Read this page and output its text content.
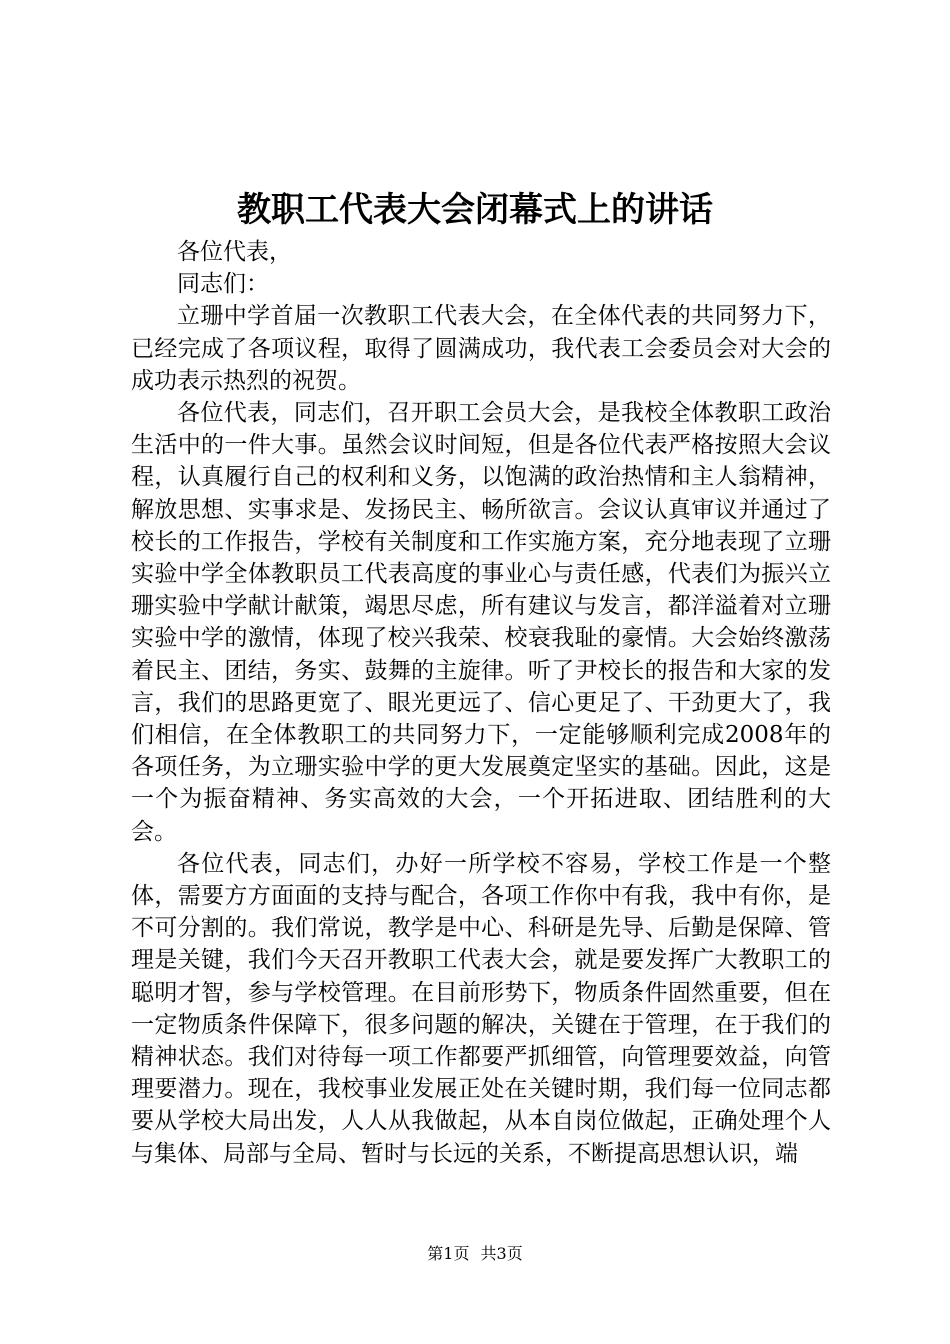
教职工代表大会闭幕式上的讲话

各位代表，

同志们：

立珊中学首届一次教职工代表大会，在全体代表的共同努力下，已经完成了各项议程，取得了圆满成功，我代表工会委员会对大会的成功表示热烈的祝贺。

各位代表，同志们，召开职工会员大会，是我校全体教职工政治生活中的一件大事。虽然会议时间短，但是各位代表严格按照大会议程，认真履行自己的权利和义务，以饱满的政治热情和主人翁精神，解放思想、实事求是、发扬民主、畅所欲言。会议认真审议并通过了校长的工作报告，学校有关制度和工作实施方案，充分地表现了立珊实验中学全体教职员工代表高度的事业心与责任感，代表们为振兴立珊实验中学献计献策，竭思尽虑，所有建议与发言，都洋溢着对立珊实验中学的激情，体现了校兴我荣、校衰我耻的豪情。大会始终激荡着民主、团结，务实、鼓舞的主旋律。听了尹校长的报告和大家的发言，我们的思路更宽了、眼光更远了、信心更足了、干劲更大了，我们相信，在全体教职工的共同努力下，一定能够顺利完成2008年的各项任务，为立珊实验中学的更大发展奠定坚实的基础。因此，这是一个为振奋精神、务实高效的大会，一个开拓进取、团结胜利的大会。

各位代表，同志们，办好一所学校不容易，学校工作是一个整体，需要方方面面的支持与配合，各项工作你中有我，我中有你，是不可分割的。我们常说，教学是中心、科研是先导、后勤是保障、管理是关键，我们今天召开教职工代表大会，就是要发挥广大教职工的聪明才智，参与学校管理。在目前形势下，物质条件固然重要，但在一定物质条件保障下，很多问题的解决，关键在于管理，在于我们的精神状态。我们对待每一项工作都要严抓细管，向管理要效益，向管理要潜力。现在，我校事业发展正处在关键时期，我们每一位同志都要从学校大局出发，人人从我做起，从本自岗位做起，正确处理个人与集体、局部与全局、暂时与长远的关系，不断提高思想认识，端

第1页 共3页
